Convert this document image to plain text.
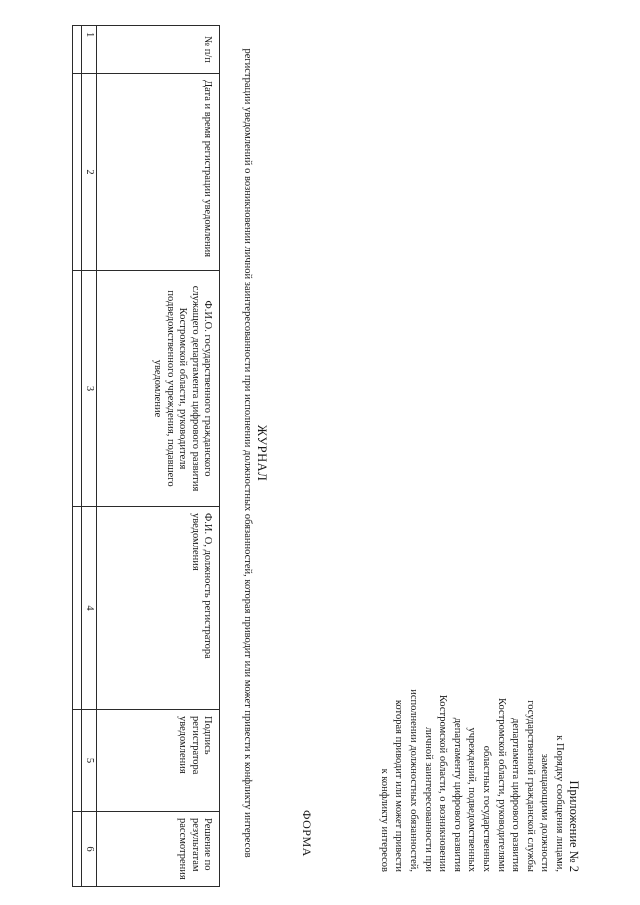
Приложение № 2
к Порядку сообщения лицами,
замещающими должности
государственной гражданской службы
департамента цифрового развития
Костромской области, руководителями
областных государственных
учреждений, подведомственных
департаменту цифрового развития
Костромской области, о возникновении
личной заинтересованности при
исполнении должностных обязанностей,
которая приводит или может привести
к конфликту интересов
ФОРМА
ЖУРНАЛ
регистрации уведомлений о возникновении личной заинтересованности при исполнении должностных обязанностей, которая приводит или может привести к конфликту интересов
№ п/п	Дата и время регистрации уведомления	Ф.И.О. государственного гражданского служащего департамента цифрового развития Костромской области, руководителя подведомственного учреждения, подавшего уведомление	Ф.И. О, должность регистратора уведомления	Подпись регистратора уведомления	Решение по результатам рассмотрения
1	2	3	4	5	6
